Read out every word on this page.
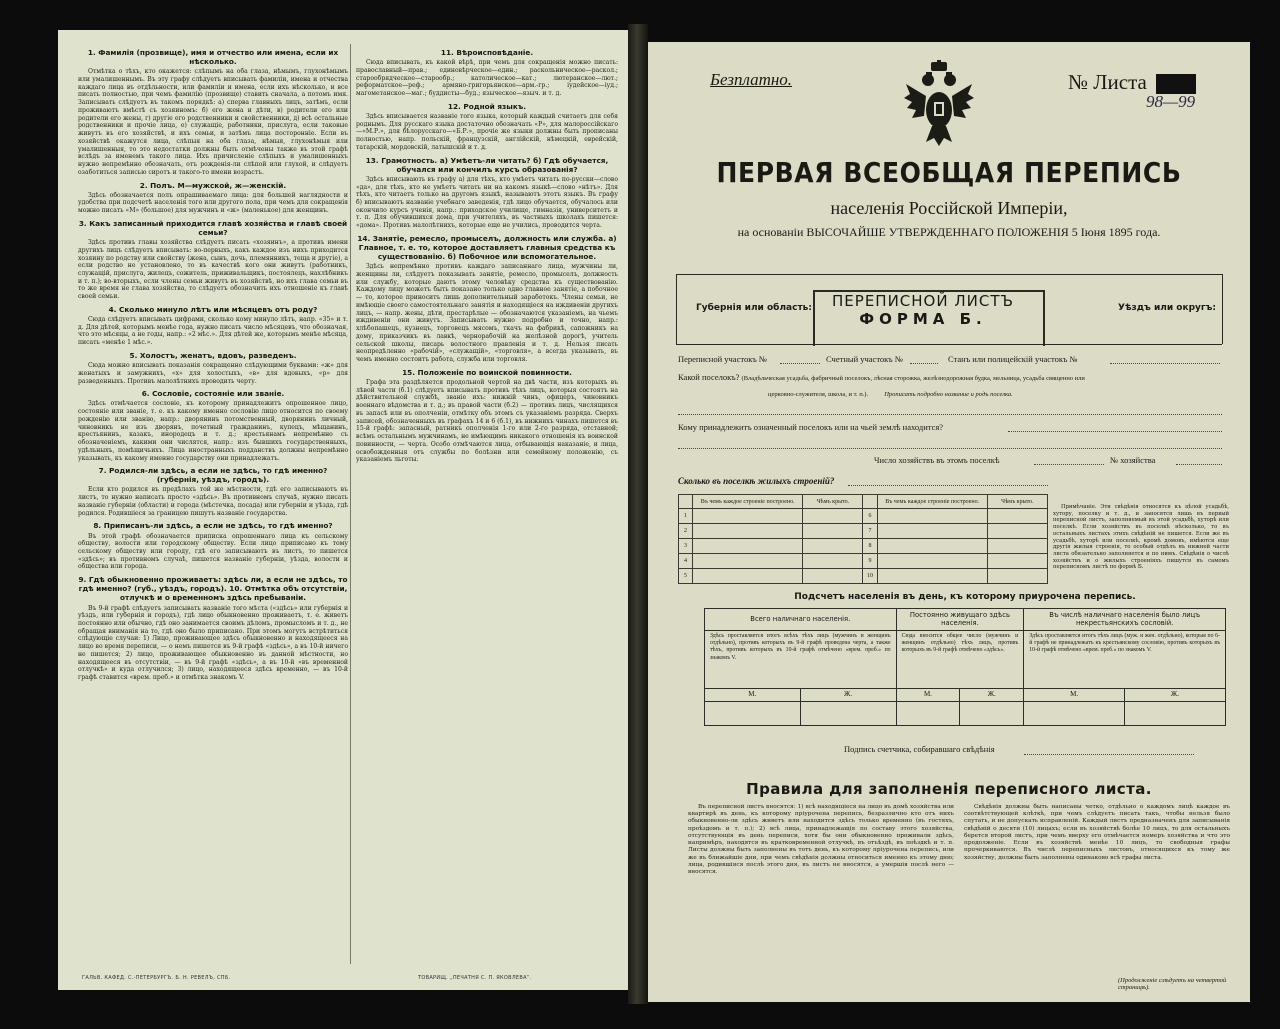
1. Фамилія (прозвище), имя и отчество или имена, если их нѣсколько.
Отмѣтка о тѣхъ, кто окажется: слѣпымъ на оба глаза, нѣмымъ, глухонѣмымъ или умалишеннымъ. Въ эту графу слѣдуетъ вписывать фамиліи, имена и отчества каждаго лица въ отдѣльности, или фамиліи и имена, если ихъ нѣсколько, и все писать полностью, при чемъ фамилію (прозвище) ставить сначала, а потомъ имя. Записывать слѣдуетъ въ такомъ порядкѣ: а) сперва главныхъ лицъ, затѣмъ, если проживаютъ вмѣстѣ съ хозяиномъ: б) его жена и дѣти, в) родители его или родители его жены, г) другіе его родственники и свойственники, д) всѣ остальные родственники и прочіе лица, е) служащіе, работники, прислуга, если таковые живутъ въ его хозяйствѣ, и ихъ семьи, и затѣмъ лица посторонніе. Если въ хозяйствѣ окажутся лица, слѣпыя на оба глаза, нѣмыя, глухонѣмыя или умалишенныя, то это недостатки должны быть отмѣчены также въ этой графѣ вслѣдъ за именемъ такого лица. Ихъ причисленіе слѣпыхъ и умалишенныхъ нужно непремѣнно обозначать, отъ рожденія-ли слѣпой или глухой, и слѣдуетъ озаботиться записью сиротъ и такого-то имени возрастъ.
2. Полъ. М—мужской, ж—женскій.
Здѣсь обозначается полъ опрашиваемаго лица: для большей наглядности и удобства при подсчетѣ населенія того или другого пола, при чемъ для сокращенія можно писать «М» (большое) для мужчинъ и «ж» (маленькое) для женщинъ.
3. Какъ записанный приходится главѣ хозяйства и главѣ своей семьи?
Здѣсь противъ главы хозяйства слѣдуетъ писать «хозяинъ», а противъ имени другихъ лицъ слѣдуетъ вписывать: во-первыхъ, какъ каждое изъ нихъ приходится хозяину по родству или свойству (жена, сынъ, дочь, племянникъ, теща и другіе), а если родство не установлено, то въ качествѣ кого они живутъ (работникъ, служащій, прислуга, жилецъ, сожитель, приживальщикъ, постоялецъ, нахлѣбникъ и т. п.); во-вторыхъ, если члены семьи живутъ въ хозяйствѣ, но ихъ глава семьи въ то же время не глава хозяйства, то слѣдуетъ обозначить ихъ отношеніе къ главѣ своей семьи.
4. Сколько минуло лѣтъ или мѣсяцевъ отъ роду?
Сюда слѣдуетъ вписывать цифрами, сколько кому минуло лѣтъ, напр. «35» и т. д. Для дѣтей, которымъ менѣе года, нужно писать число мѣсяцевъ, что обозначая, что это мѣсяцы, а не годы, напр.: «2 мѣс.». Для дѣтей же, которымъ менѣе мѣсяца, писать «менѣе 1 мѣс.».
5. Холостъ, женатъ, вдовъ, разведенъ.
Сюда можно вписывать показанія сокращенно слѣдующими буквами: «ж» для женатыхъ и замужнихъ, «х» для холостыхъ, «в» для вдовыхъ, «р» для разведенныхъ. Противъ малолѣтнихъ проводить черту.
6. Сословіе, состояніе или званіе.
Здѣсь отмѣчается сословіе, къ которому принадлежитъ опрошенное лицо, состояніе или званіе, т. е. къ какому именно сословію лицо относится по своему рожденію или званію, напр.: дворянинъ потомственный, дворянинъ личный, чиновникъ не изъ дворянъ, почетный гражданинъ, купецъ, мѣщанинъ, крестьянинъ, казакъ, инородецъ и т. д.; крестьянамъ непремѣнно съ обозначеніемъ, какими они числятся, напр.: изъ бывшихъ государственныхъ, удѣльныхъ, помѣщичьихъ. Лица иностранныхъ подданствъ должны непремѣнно указывать, къ какому именно государству они принадлежатъ.
7. Родился-ли здѣсь, а если не здѣсь, то гдѣ именно? (губернія, уѣздъ, городъ).
Если кто родился въ предѣлахъ той же мѣстности, гдѣ его записываютъ въ листъ, то нужно написать просто «здѣсь». Въ противномъ случаѣ, нужно писать названіе губерніи (области) и города (мѣстечка, посада) или губерніи и уѣзда, гдѣ родился. Родившіеся за границею пишутъ названіе государства.
8. Приписанъ-ли здѣсь, а если не здѣсь, то гдѣ именно?
Въ этой графѣ обозначается приписка опрошеннаго лица къ сельскому обществу, волости или городскому обществу. Если лицо приписано къ тому сельскому обществу или городу, гдѣ его записываютъ въ листъ, то пишется «здѣсь»; въ противномъ случаѣ, пишется названіе губерніи, уѣзда, волости и общества или города.
9. Гдѣ обыкновенно проживаетъ: здѣсь ли, а если не здѣсь, то гдѣ именно? (губ., уѣздъ, городъ). 10. Отмѣтка объ отсутствіи, отлучкѣ и о временномъ здѣсь пребываніи.
Въ 9-й графѣ слѣдуетъ записывать названіе того мѣста («здѣсь» или губернія и уѣздъ, или губернія и городъ), гдѣ лицо обыкновенно проживаетъ, т. е. живетъ постоянно или обычно, гдѣ оно занимается своимъ дѣломъ, промысломъ и т. д., не обращая вниманія на то, гдѣ оно было приписано. При этомъ могутъ встрѣтиться слѣдующіе случаи: 1) Лицо, проживающее здѣсь обыкновенно и находящееся на лицо во время переписи, — о немъ пишется въ 9-й графѣ «здѣсь», а въ 10-й ничего не пишется; 2) лицо, проживающее обыкновенно въ данной мѣстности, но находящееся въ отсутствіи, — въ 9-й графѣ «здѣсь», а въ 10-й «въ временной отлучкѣ» и куда отлучился; 3) лицо, находящееся здѣсь временно, — въ 10-й графѣ ставится «врем. преб.» и отмѣтка знакомъ V.
11. Вѣроисповѣданіе.
Сюда вписывать, къ какой вѣрѣ, при чемъ для сокращенія можно писать: православный—прав.; единовѣрческое—един.; раскольническое—раскол.; старообрядческое—старообр.; католическое—кат.; лютеранское—лют.; реформатское—реф.; армяно-григорьянское—арм.-гр.; іудейское—іуд.; магометанское—маг.; буддисты—буд.; языческое—языч. и т. д.
12. Родной языкъ.
Здѣсь вписывается названіе того языка, который каждый считаетъ для себя роднымъ. Для русскаго языка достаточно обозначать «Р», для малороссійскаго—«М.Р.», для бѣлорусскаго—«Б.Р.», прочіе же языки должны быть прописаны полностью, напр. польскій, французскій, англійскій, нѣмецкій, еврейскій, татарскій, мордовскій, латышскій и т. д.
13. Грамотность. а) Умѣетъ-ли читать? б) Гдѣ обучается, обучался или кончилъ курсъ образованія?
Здѣсь вписывають въ графу а) для тѣхъ, кто умѣетъ читать по-русски—слово «да», для тѣхъ, кто не умѣетъ читать ни на какомъ языкѣ—слово «нѣтъ». Для тѣхъ, кто читаетъ только на другомъ языкѣ, называютъ этотъ языкъ. Въ графу б) вписываютъ названіе учебнаго заведенія, гдѣ лицо обучается, обучалось или окончило курсъ ученія, напр.: приходское училище, гимназія, университетъ и т. п. Для обучившихся дома, при учителяхъ, въ частныхъ школахъ пишется: «дома». Противъ малолѣтнихъ, которые еще не учились, проводится черта.
14. Занятіе, ремесло, промыселъ, должность или служба. а) Главное, т. е. то, которое доставляетъ главныя средства къ существованію. б) Побочное или вспомогательное.
Здѣсь непремѣнно противъ каждаго записаннаго лица, мужчины ли, женщины ли, слѣдуетъ показывать занятіе, ремесло, промыселъ, должность или службу, которые даютъ этому человѣку средства къ существованію. Каждому лицу можетъ быть показано только одно главное занятіе, а побочное — то, которое приноситъ лишь дополнительный заработокъ. Члены семьи, не имѣющіе своего самостоятельнаго занятія и находящіеся на иждивеніи другихъ лицъ, — напр. жены, дѣти, престарѣлые — обозначаются указаніемъ, на чьемъ иждивеніи они живутъ. Записывать нужно подробно и точно, напр.: хлѣбопашецъ, кузнецъ, торговецъ мясомъ, ткачъ на фабрикѣ, сапожникъ на дому, приказчикъ въ лавкѣ, чернорабочій на желѣзной дорогѣ, учитель сельской школы, писарь волостного правленія и т. д. Нельзя писать неопредѣленно «рабочій», «служащій», «торговля», а всегда указывать, въ чемъ именно состоитъ работа, служба или торговля.
15. Положеніе по воинской повинности.
Графа эта раздѣляется продольной чертой на двѣ части, изъ которыхъ въ лѣвой части (б.1) слѣдуетъ вписывать противъ тѣхъ лицъ, которыя состоятъ на дѣйствительной службѣ, званіе ихъ: нижній чинъ, офицеръ, чиновникъ военнаго вѣдомства и т. д.; въ правой части (б.2) — противъ лицъ, числящихся въ запасѣ или въ ополченіи, отмѣтку объ этомъ съ указаніемъ разряда. Сверхъ записей, обозначенныхъ въ графахъ 14 и 6 (б.1), въ нижнихъ чинахъ пишется въ 15-й графѣ: запасный, ратникъ ополченія 1-го или 2-го разряда, отставной; всѣмъ остальнымъ мужчинамъ, не имѣющимъ никакого отношенія къ воинской повинности, — черта. Особо отмѣчаются лица, отбывающія наказаніе, и лица, освобожденныя отъ службы по болѣзни или семейному положенію, съ указаніемъ льготы.
ГАЛЬВ. КАФЕД. С.-ПЕТЕРБУРГЪ. Б. Н. РЕВЕЛЪ, СПБ.	ТОВАРИЩ. „ПЕЧАТНЯ С. П. ЯКОВЛЕВА“.
Безплатно.	№ Листа
98—99
ПЕРВАЯ ВСЕОБЩАЯ ПЕРЕПИСЬ
населенія Россійской Имперіи,
на основаніи ВЫСОЧАЙШЕ УТВЕРЖДЕННАГО ПОЛОЖЕНІЯ 5 Іюня 1895 года.
Губернія или область:	ПЕРЕПИСНОЙ ЛИСТЪ
ФОРМА Б.
Уѣздъ или округъ:
Переписной участокъ №	Счетный участокъ №	Станъ или полицейскій участокъ №
Какой поселокъ? (Владѣльческая усадьба, фабричный поселокъ, лѣсная сторожка, желѣзнодорожная будка, мельница, усадьба священно или
церковно-служителя, школа, и т. п.). Прописать подробно название и родъ поселка.
Кому принадлежитъ означенный поселокъ или на чьей землѣ находится?
Число хозяйствъ въ этомъ поселкѣ	№ хозяйства
Сколько въ поселкѣ жилыхъ строеній?
	Въ чемъ каждое строеніе построено.	Чѣмъ крыто.		Въ чемъ каждое строеніе построено.	Чѣмъ крыто.
1			6		
2			7		
3			8		
4			9		
5			10		
Примѣчаніе. Эти свѣдѣнія относятся къ цѣлой усадьбѣ, хутору, поселку и т. д., и заносятся лишь въ первый переписной листъ, заполняемый въ этой усадьбѣ, хуторѣ или поселкѣ. Если хозяйствъ въ поселкѣ нѣсколько, то въ остальныхъ листахъ этихъ свѣдѣній не пишется. Если же въ усадьбѣ, хуторѣ или поселкѣ, кромѣ домовъ, имѣются еще другія жилыя строенія, то особый отдѣлъ въ нижней части листа обязательно заполняется и по нимъ. Свѣдѣнія о числѣ хозяйствъ и о жилыхъ строеніяхъ пишутся въ самомъ переписномъ листѣ по формѣ Б.
Подсчетъ населенія въ день, къ которому приурочена перепись.
Всего наличнаго населенія.		Постоянно живущаго здѣсь населенія.		Въ числѣ наличнаго населенія было лицъ некрестьянскихъ сословій.	
Здѣсь проставляется итогъ всѣхъ тѣхъ лицъ (мужчинъ и женщинъ отдѣльно), противъ которыхъ въ 9-й графѣ проведена черта, а также тѣхъ, противъ которыхъ въ 10-й графѣ отмѣчено «врем. преб.» по знакомъ V.		Сюда вносится общее число (мужчинъ и женщинъ отдѣльно) тѣхъ лицъ, противъ которыхъ въ 9-й графѣ отмѣчено «здѣсь».		Здѣсь проставляется итогъ тѣхъ лицъ (муж. и жен. отдѣльно), которыя по 6-й графѣ не принадлежатъ къ крестьянскому сословію, противъ которыхъ въ 10-й графѣ отмѣчено «врем. преб.» по знакомъ V.	
М.	Ж.	М.	Ж.	М.	Ж.

Подпись счетчика, собиравшаго свѣдѣнія
Правила для заполненія переписного листа.
Въ переписной листъ вносятся: 1) всѣ находящіеся на лицо въ домѣ хозяйства или квартирѣ въ день, къ которому пріурочена перепись, безразлично кто отъ нихъ обыкновенно-ли здѣсь живетъ или находится здѣсь только временно (въ гостяхъ, проѣздомъ и т. п.); 2) всѣ лица, принадлежащія по составу этого хозяйства, отсутствующія въ день переписи, хотя бы они обыкновенно проживали здѣсь, напримѣръ, находятся въ кратковременной отлучкѣ, въ отъѣздѣ, въ поѣздкѣ и т. п. Листы должны быть заполнены въ тотъ день, къ которому пріурочена перепись, или же въ ближайшіе дни, при чемъ свѣдѣнія должны относиться именно къ этому дню; лица, родившіяся послѣ этого дня, въ листъ не вносятся, а умершія послѣ него — вносятся.
Свѣдѣнія должны быть написаны четко, отдѣльно о каждомъ лицѣ каждое въ соотвѣтствующей клѣткѣ, при чемъ слѣдуетъ писать такъ, чтобы нельзя было спутать, и не допускать исправленій. Каждый листъ предназначенъ для записыванія свѣдѣній о десяти (10) лицахъ; если въ хозяйствѣ болѣе 10 лицъ, то для остальныхъ берется второй листъ, при чемъ вверху его отмѣчается номеръ хозяйства и что это продолженіе. Если въ хозяйствѣ менѣе 10 лицъ, то свободныя графы прочеркиваются. Въ числѣ переписныхъ листовъ, относящихся къ тому же хозяйству, должны быть заполнены одинаково всѣ графы листа.
(Продолженіе слѣдуетъ на четвертой страницѣ).
